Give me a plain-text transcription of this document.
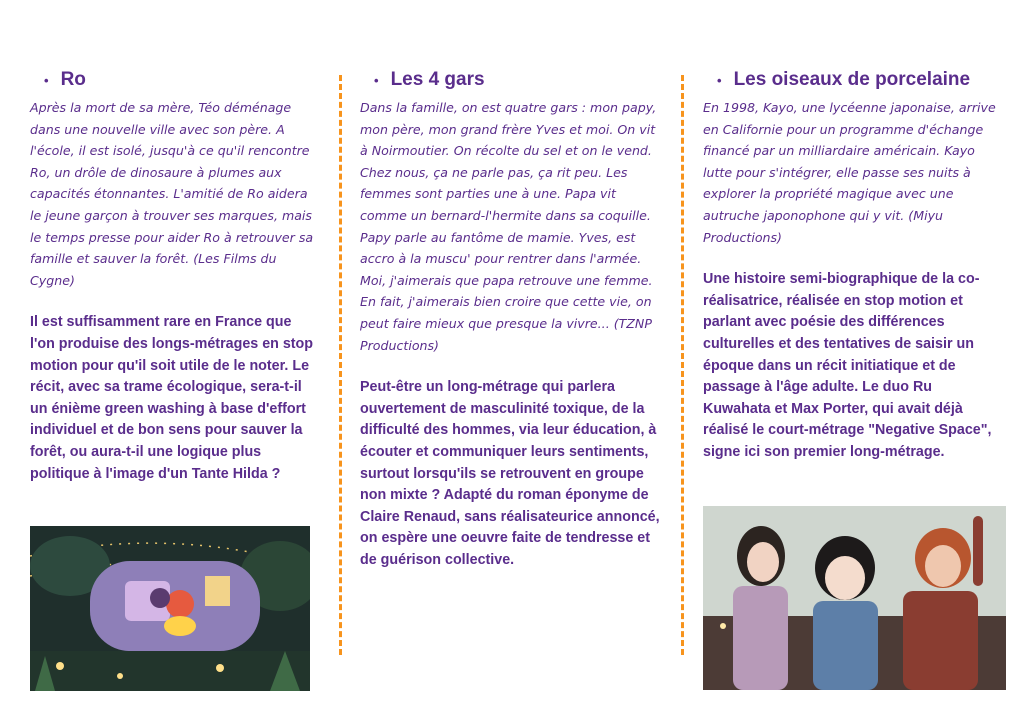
• Ro

Après la mort de sa mère, Téo déménage dans une nouvelle ville avec son père. A l'école, il est isolé, jusqu'à ce qu'il rencontre Ro, un drôle de dinosaure à plumes aux capacités étonnantes. L'amitié de Ro aidera le jeune garçon à trouver ses marques, mais le temps presse pour aider Ro à retrouver sa famille et sauver la forêt. (Les Films du Cygne)

Il est suffisamment rare en France que l'on produise des longs-métrages en stop motion pour qu'il soit utile de le noter. Le récit, avec sa trame écologique, sera-t-il un énième green washing à base d'effort individuel et de bon sens pour sauver la forêt, ou aura-t-il une logique plus politique à l'image d'un Tante Hilda ?

• Les 4 gars

Dans la famille, on est quatre gars : mon papy, mon père, mon grand frère Yves et moi. On vit à Noirmoutier. On récolte du sel et on le vend. Chez nous, ça ne parle pas, ça rit peu. Les femmes sont parties une à une. Papa vit comme un bernard-l'hermite dans sa coquille. Papy parle au fantôme de mamie. Yves, est accro à la muscu' pour rentrer dans l'armée. Moi, j'aimerais que papa retrouve une femme. En fait, j'aimerais bien croire que cette vie, on peut faire mieux que presque la vivre... (TZNP Productions)

Peut-être un long-métrage qui parlera ouvertement de masculinité toxique, de la difficulté des hommes, via leur éducation, à écouter et communiquer leurs sentiments, surtout lorsqu'ils se retrouvent en groupe non mixte ? Adapté du roman éponyme de Claire Renaud, sans réalisateurice annoncé, on espère une oeuvre faite de tendresse et de guérison collective.

• Les oiseaux de porcelaine

En 1998, Kayo, une lycéenne japonaise, arrive en Californie pour un programme d'échange financé par un milliardaire américain. Kayo lutte pour s'intégrer, elle passe ses nuits à explorer la propriété magique avec une autruche japonophone qui y vit. (Miyu Productions)

Une histoire semi-biographique de la co-réalisatrice, réalisée en stop motion et parlant avec poésie des différences culturelles et des tentatives de saisir un époque dans un récit initiatique et de passage à l'âge adulte. Le duo Ru Kuwahata et Max Porter, qui avait déjà réalisé le court-métrage "Negative Space", signe ici son premier long-métrage.
